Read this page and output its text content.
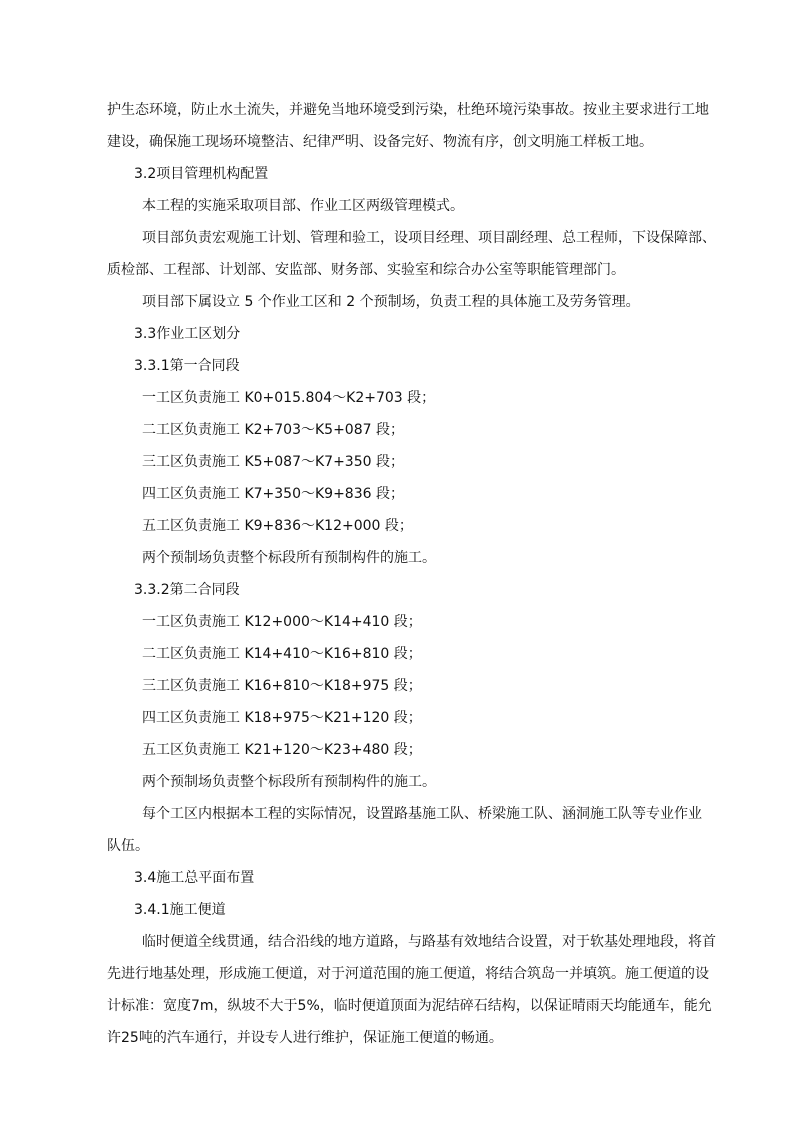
护生态环境，防止水土流失，并避免当地环境受到污染，杜绝环境污染事故。按业主要求进行工地
建设，确保施工现场环境整洁、纪律严明、设备完好、物流有序，创文明施工样板工地。
3.2项目管理机构配置
本工程的实施采取项目部、作业工区两级管理模式。
项目部负责宏观施工计划、管理和验工，设项目经理、项目副经理、总工程师，下设保障部、
质检部、工程部、计划部、安监部、财务部、实验室和综合办公室等职能管理部门。
项目部下属设立 5 个作业工区和 2 个预制场，负责工程的具体施工及劳务管理。
3.3作业工区划分
3.3.1第一合同段
一工区负责施工 K0+015.804～K2+703 段；
二工区负责施工 K2+703～K5+087 段；
三工区负责施工 K5+087～K7+350 段；
四工区负责施工 K7+350～K9+836 段；
五工区负责施工 K9+836～K12+000 段；
两个预制场负责整个标段所有预制构件的施工。
3.3.2第二合同段
一工区负责施工 K12+000～K14+410 段；
二工区负责施工 K14+410～K16+810 段；
三工区负责施工 K16+810～K18+975 段；
四工区负责施工 K18+975～K21+120 段；
五工区负责施工 K21+120～K23+480 段；
两个预制场负责整个标段所有预制构件的施工。
每个工区内根据本工程的实际情况，设置路基施工队、桥梁施工队、涵洞施工队等专业作业
队伍。
3.4施工总平面布置
3.4.1施工便道
临时便道全线贯通，结合沿线的地方道路，与路基有效地结合设置，对于软基处理地段，将首
先进行地基处理，形成施工便道，对于河道范围的施工便道，将结合筑岛一并填筑。施工便道的设
计标准：宽度7m，纵坡不大于5%，临时便道顶面为泥结碎石结构，以保证晴雨天均能通车，能允
许25吨的汽车通行，并设专人进行维护，保证施工便道的畅通。
